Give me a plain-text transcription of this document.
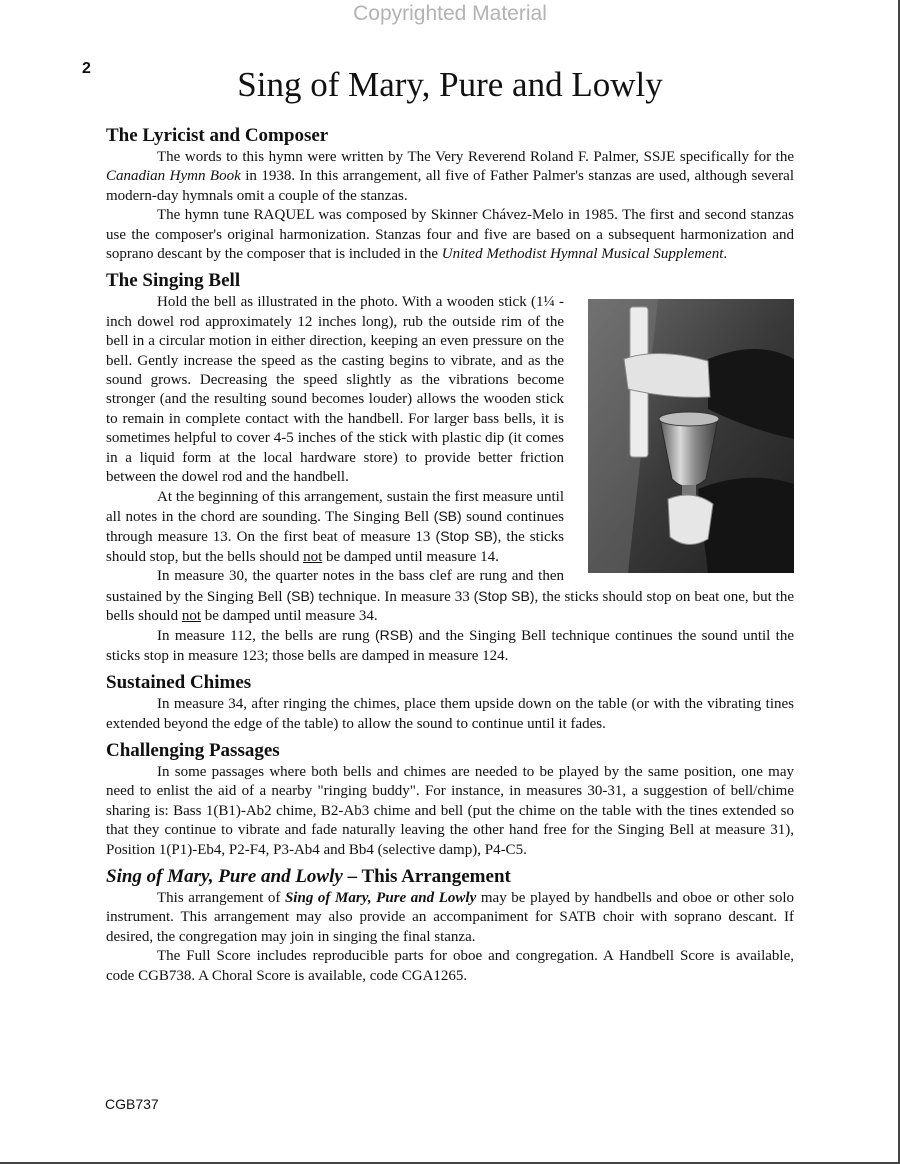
Copyrighted Material
2	Sing of Mary, Pure and Lowly
The Lyricist and Composer

The words to this hymn were written by The Very Reverend Roland F. Palmer, SSJE specifically for the Canadian Hymn Book in 1938. In this arrangement, all five of Father Palmer's stanzas are used, although several modern-day hymnals omit a couple of the stanzas.

The hymn tune RAQUEL was composed by Skinner Chávez-Melo in 1985. The first and second stanzas use the composer's original harmonization. Stanzas four and five are based on a subsequent harmonization and soprano descant by the composer that is included in the United Methodist Hymnal Musical Supplement.

The Singing Bell

Hold the bell as illustrated in the photo. With a wooden stick (1¼ - inch dowel rod approximately 12 inches long), rub the outside rim of the bell in a circular motion in either direction, keeping an even pressure on the bell. Gently increase the speed as the casting begins to vibrate, and as the sound grows. Decreasing the speed slightly as the vibrations become stronger (and the resulting sound becomes louder) allows the wooden stick to remain in complete contact with the handbell. For larger bass bells, it is sometimes helpful to cover 4-5 inches of the stick with plastic dip (it comes in a liquid form at the local hardware store) to provide better friction between the dowel rod and the handbell.

At the beginning of this arrangement, sustain the first measure until all notes in the chord are sounding. The Singing Bell (SB) sound continues through measure 13. On the first beat of measure 13 (Stop SB), the sticks should stop, but the bells should not be damped until measure 14.

In measure 30, the quarter notes in the bass clef are rung and then sustained by the Singing Bell (SB) technique. In measure 33 (Stop SB), the sticks should stop on beat one, but the bells should not be damped until measure 34.

In measure 112, the bells are rung (RSB) and the Singing Bell technique continues the sound until the sticks stop in measure 123; those bells are damped in measure 124.

Sustained Chimes

In measure 34, after ringing the chimes, place them upside down on the table (or with the vibrating tines extended beyond the edge of the table) to allow the sound to continue until it fades.

Challenging Passages

In some passages where both bells and chimes are needed to be played by the same position, one may need to enlist the aid of a nearby "ringing buddy". For instance, in measures 30-31, a suggestion of bell/chime sharing is: Bass 1(B1)-Ab2 chime, B2-Ab3 chime and bell (put the chime on the table with the tines extended so that they continue to vibrate and fade naturally leaving the other hand free for the Singing Bell at measure 31), Position 1(P1)-Eb4, P2-F4, P3-Ab4 and Bb4 (selective damp), P4-C5.

Sing of Mary, Pure and Lowly – This Arrangement

This arrangement of Sing of Mary, Pure and Lowly may be played by handbells and oboe or other solo instrument. This arrangement may also provide an accompaniment for SATB choir with soprano descant. If desired, the congregation may join in singing the final stanza.

The Full Score includes reproducible parts for oboe and congregation. A Handbell Score is available, code CGB738. A Choral Score is available, code CGA1265.

CGB737
